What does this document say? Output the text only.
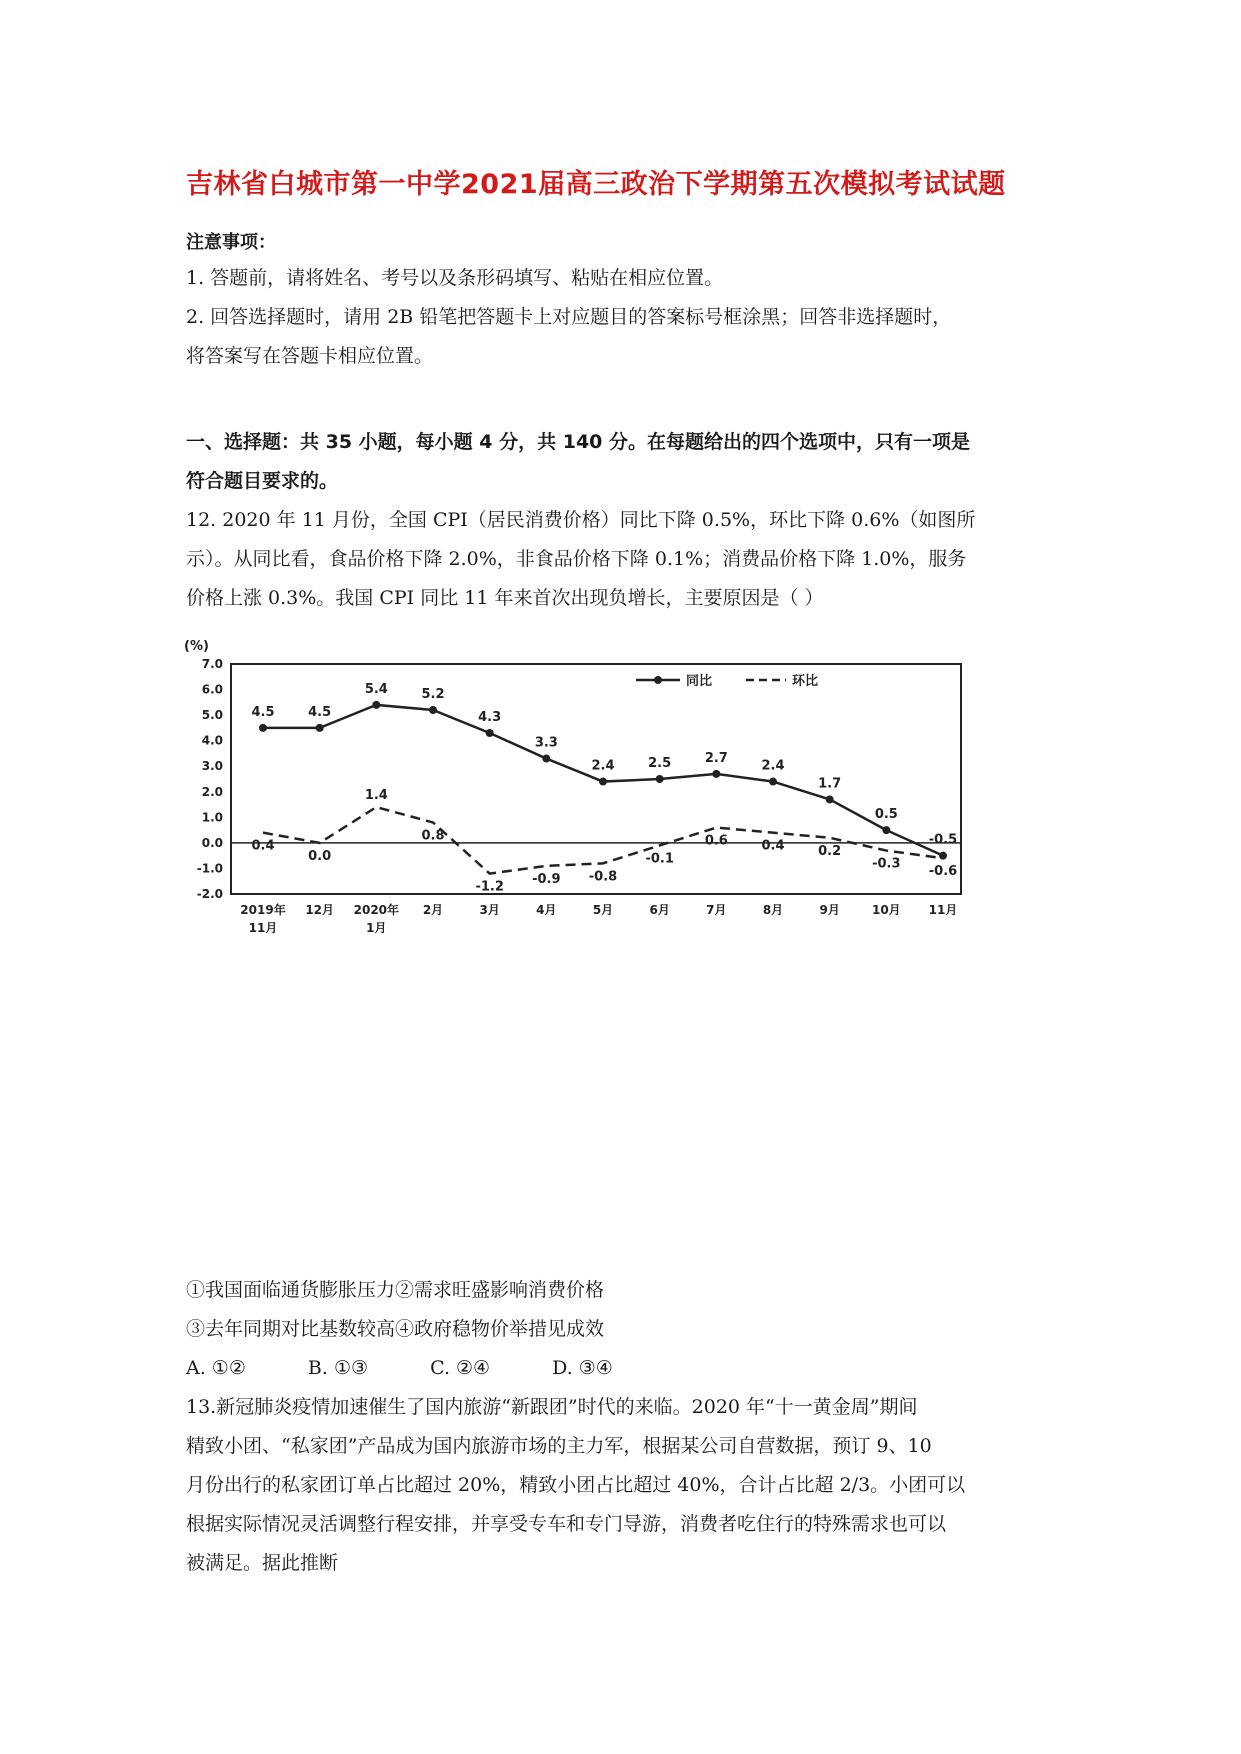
吉林省白城市第一中学2021届高三政治下学期第五次模拟考试试题
注意事项：
1. 答题前，请将姓名、考号以及条形码填写、粘贴在相应位置。
2. 回答选择题时，请用 2B 铅笔把答题卡上对应题目的答案标号框涂黑；回答非选择题时，
将答案写在答题卡相应位置。
一、选择题：共 35 小题，每小题 4 分，共 140 分。在每题给出的四个选项中，只有一项是
符合题目要求的。
12. 2020 年 11 月份，全国 CPI（居民消费价格）同比下降 0.5%，环比下降 0.6%（如图所
示）。从同比看，食品价格下降 2.0%，非食品价格下降 0.1%；消费品价格下降 1.0%，服务
价格上涨 0.3%。我国 CPI 同比 11 年来首次出现负增长，主要原因是（ ）
(%)
7.0
6.0
5.0
4.0
3.0
2.0
1.0
0.0
-1.0
-2.0
2019年
11月
12月 2020年
1月
2月	3月	4月	5月	6月	7月	8月	9月	10月 11月
4.5	4.5
5.4	5.2
4.3
3.3
2.4	2.5	2.7
2.4
1.7
0.5
-0.5
0.4
0.0
1.4
0.8
-1.2
-0.9 -0.8
-0.1
0.6	0.4	0.2
-0.3
-0.6
同比	环比
①我国面临通货膨胀压力②需求旺盛影响消费价格
③去年同期对比基数较高④政府稳物价举措见成效
A. ①②	B. ①③	C. ②④	D. ③④
13.新冠肺炎疫情加速催生了国内旅游“新跟团”时代的来临。2020 年“十一黄金周”期间
精致小团、“私家团”产品成为国内旅游市场的主力军，根据某公司自营数据，预订 9、10
月份出行的私家团订单占比超过 20%，精致小团占比超过 40%，合计占比超 2/3。小团可以
根据实际情况灵活调整行程安排，并享受专车和专门导游，消费者吃住行的特殊需求也可以
被满足。据此推断
